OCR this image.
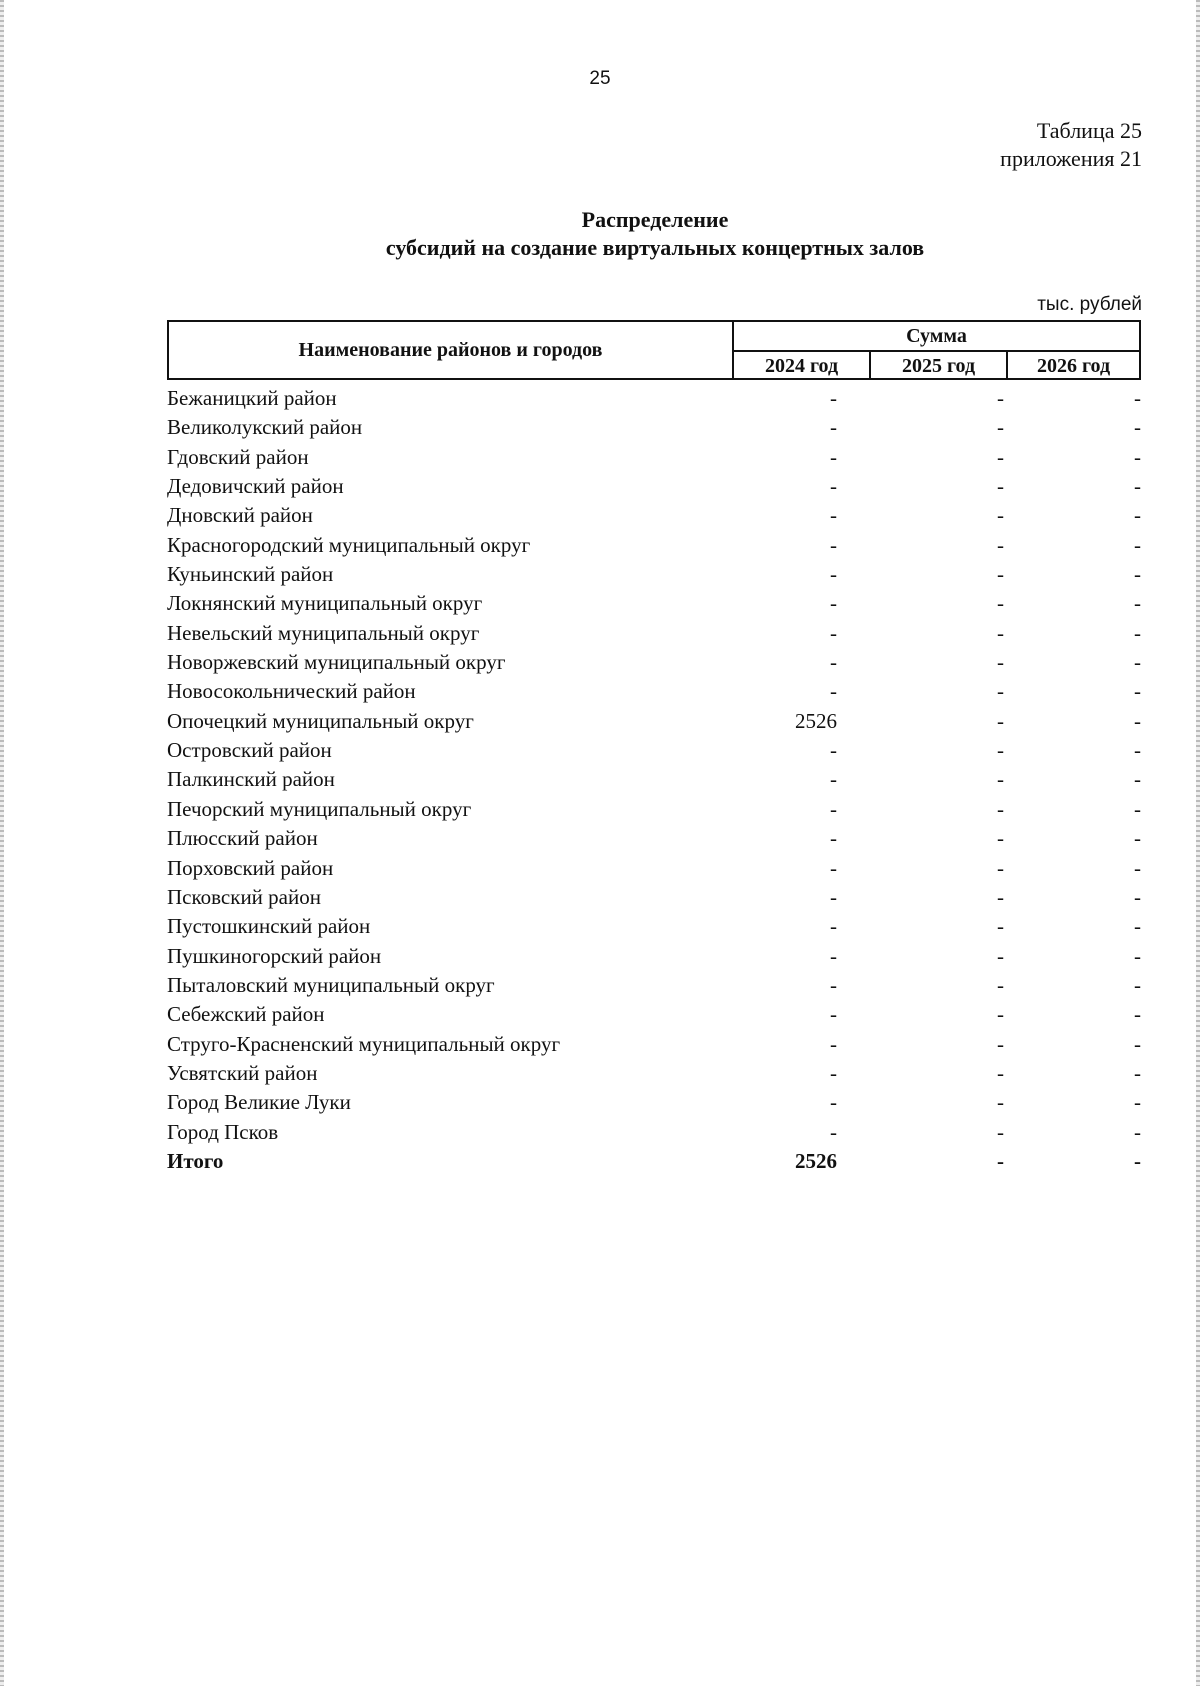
25
Таблица 25
приложения 21
Распределение
субсидий на создание виртуальных концертных залов
тыс. рублей
Наименование районов и городов
Сумма
2024 год	2025 год	2026 год
Бежаницкий район	-	-	-
Великолукский район	-	-	-
Гдовский район	-	-	-
Дедовичский район	-	-	-
Дновский район	-	-	-
Красногородский муниципальный округ	-	-	-
Куньинский район	-	-	-
Локнянский муниципальный округ	-	-	-
Невельский муниципальный округ	-	-	-
Новоржевский муниципальный округ	-	-	-
Новосокольнический район	-	-	-
Опочецкий муниципальный округ	2526	-	-
Островский район	-	-	-
Палкинский район	-	-	-
Печорский муниципальный округ	-	-	-
Плюсский район	-	-	-
Порховский район	-	-	-
Псковский район	-	-	-
Пустошкинский район	-	-	-
Пушкиногорский район	-	-	-
Пыталовский муниципальный округ	-	-	-
Себежский район	-	-	-
Струго-Красненский муниципальный округ	-	-	-
Усвятский район	-	-	-
Город Великие Луки	-	-	-
Город Псков	-	-	-
Итого	2526	-	-
